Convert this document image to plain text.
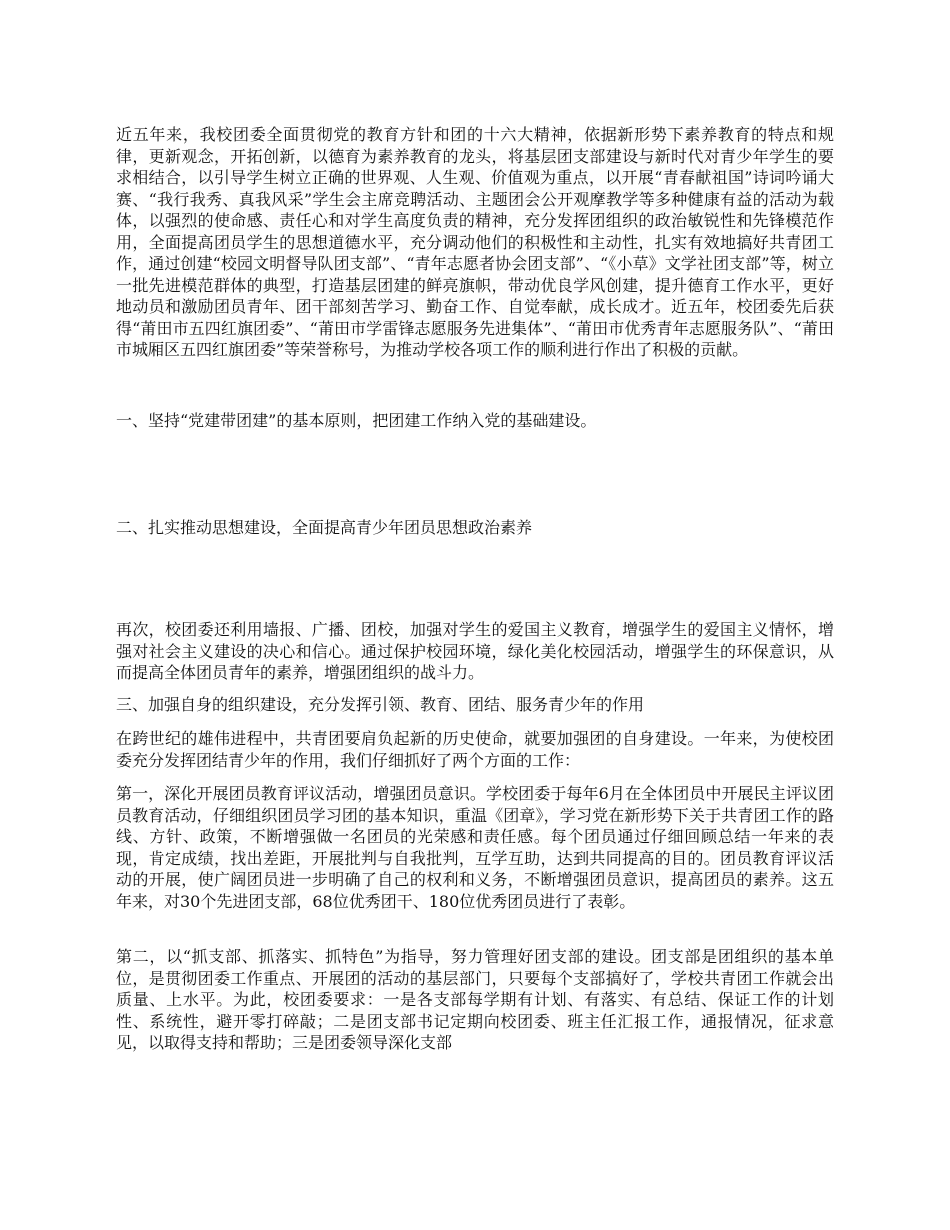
近五年来，我校团委全面贯彻党的教育方针和团的十六大精神，依据新形势下素养教育的特点和规律，更新观念，开拓创新，以德育为素养教育的龙头，将基层团支部建设与新时代对青少年学生的要求相结合，以引导学生树立正确的世界观、人生观、价值观为重点，以开展“青春献祖国”诗词吟诵大赛、“我行我秀、真我风采”学生会主席竞聘活动、主题团会公开观摩教学等多种健康有益的活动为载体，以强烈的使命感、责任心和对学生高度负责的精神，充分发挥团组织的政治敏锐性和先锋模范作用，全面提高团员学生的思想道德水平，充分调动他们的积极性和主动性，扎实有效地搞好共青团工作，通过创建“校园文明督导队团支部”、“青年志愿者协会团支部”、“《小草》文学社团支部”等，树立一批先进模范群体的典型，打造基层团建的鲜亮旗帜，带动优良学风创建，提升德育工作水平，更好地动员和激励团员青年、团干部刻苦学习、勤奋工作、自觉奉献，成长成才。近五年，校团委先后获得“莆田市五四红旗团委”、“莆田市学雷锋志愿服务先进集体”、“莆田市优秀青年志愿服务队”、“莆田市城厢区五四红旗团委”等荣誉称号，为推动学校各项工作的顺利进行作出了积极的贡献。

一、坚持“党建带团建”的基本原则，把团建工作纳入党的基础建设。

二、扎实推动思想建设，全面提高青少年团员思想政治素养

再次，校团委还利用墙报、广播、团校，加强对学生的爱国主义教育，增强学生的爱国主义情怀，增强对社会主义建设的决心和信心。通过保护校园环境，绿化美化校园活动，增强学生的环保意识，从而提高全体团员青年的素养，增强团组织的战斗力。

三、加强自身的组织建设，充分发挥引领、教育、团结、服务青少年的作用

在跨世纪的雄伟进程中，共青团要肩负起新的历史使命，就要加强团的自身建设。一年来，为使校团委充分发挥团结青少年的作用，我们仔细抓好了两个方面的工作：

第一，深化开展团员教育评议活动，增强团员意识。学校团委于每年6月在全体团员中开展民主评议团员教育活动，仔细组织团员学习团的基本知识，重温《团章》，学习党在新形势下关于共青团工作的路线、方针、政策，不断增强做一名团员的光荣感和责任感。每个团员通过仔细回顾总结一年来的表现，肯定成绩，找出差距，开展批判与自我批判，互学互助，达到共同提高的目的。团员教育评议活动的开展，使广阔团员进一步明确了自己的权利和义务，不断增强团员意识，提高团员的素养。这五年来，对30个先进团支部，68位优秀团干、180位优秀团员进行了表彰。

第二，以“抓支部、抓落实、抓特色”为指导，努力管理好团支部的建设。团支部是团组织的基本单位，是贯彻团委工作重点、开展团的活动的基层部门，只要每个支部搞好了，学校共青团工作就会出质量、上水平。为此，校团委要求：一是各支部每学期有计划、有落实、有总结、保证工作的计划性、系统性，避开零打碎敲；二是团支部书记定期向校团委、班主任汇报工作，通报情况，征求意见，以取得支持和帮助；三是团委领导深化支部
